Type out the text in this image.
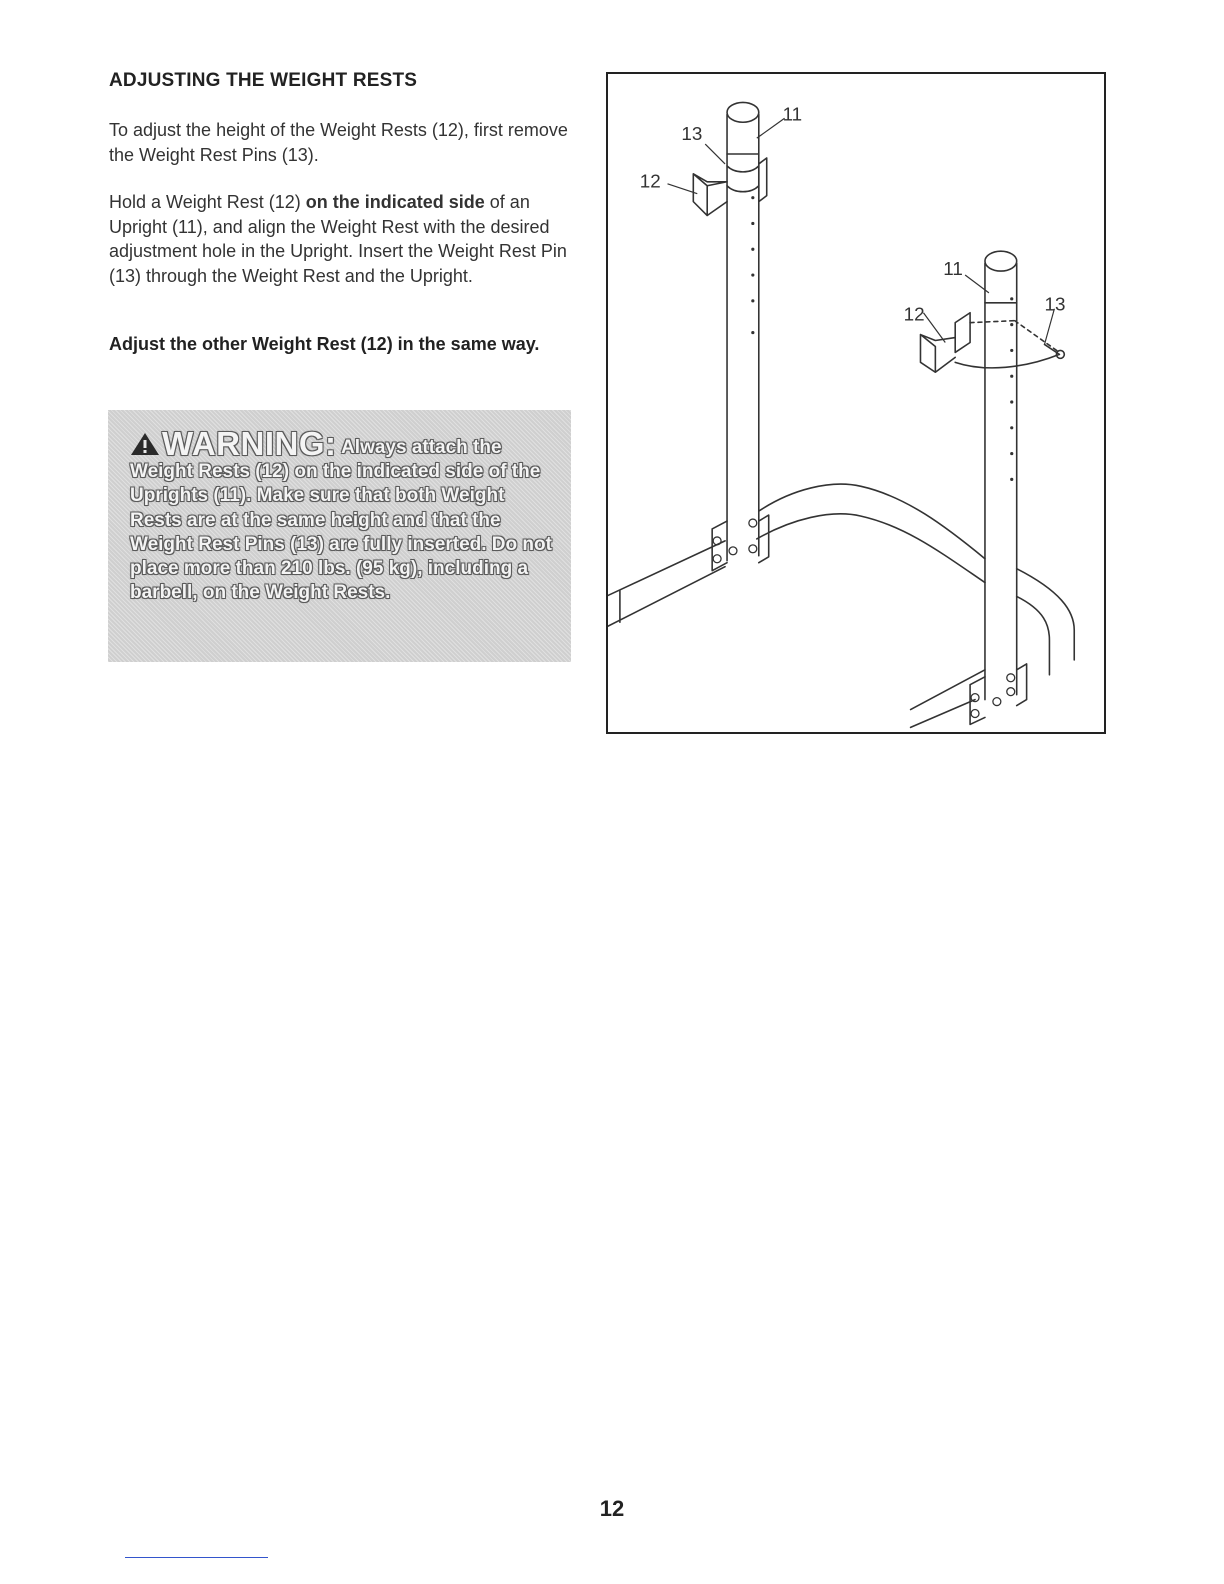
ADJUSTING THE WEIGHT RESTS

To adjust the height of the Weight Rests (12), first remove the Weight Rest Pins (13).

Hold a Weight Rest (12) on the indicated side of an Upright (11), and align the Weight Rest with the desired adjustment hole in the Upright. Insert the Weight Rest Pin (13) through the Weight Rest and the Upright.

Adjust the other Weight Rest (12) in the same way.

WARNING: Always attach the Weight Rests (12) on the indicated side of the Uprights (11). Make sure that both Weight Rests are at the same height and that the Weight Rest Pins (13) are fully inserted. Do not place more than 210 lbs. (95 kg), including a barbell, on the Weight Rests.
11
13
12
11
12	13
12
